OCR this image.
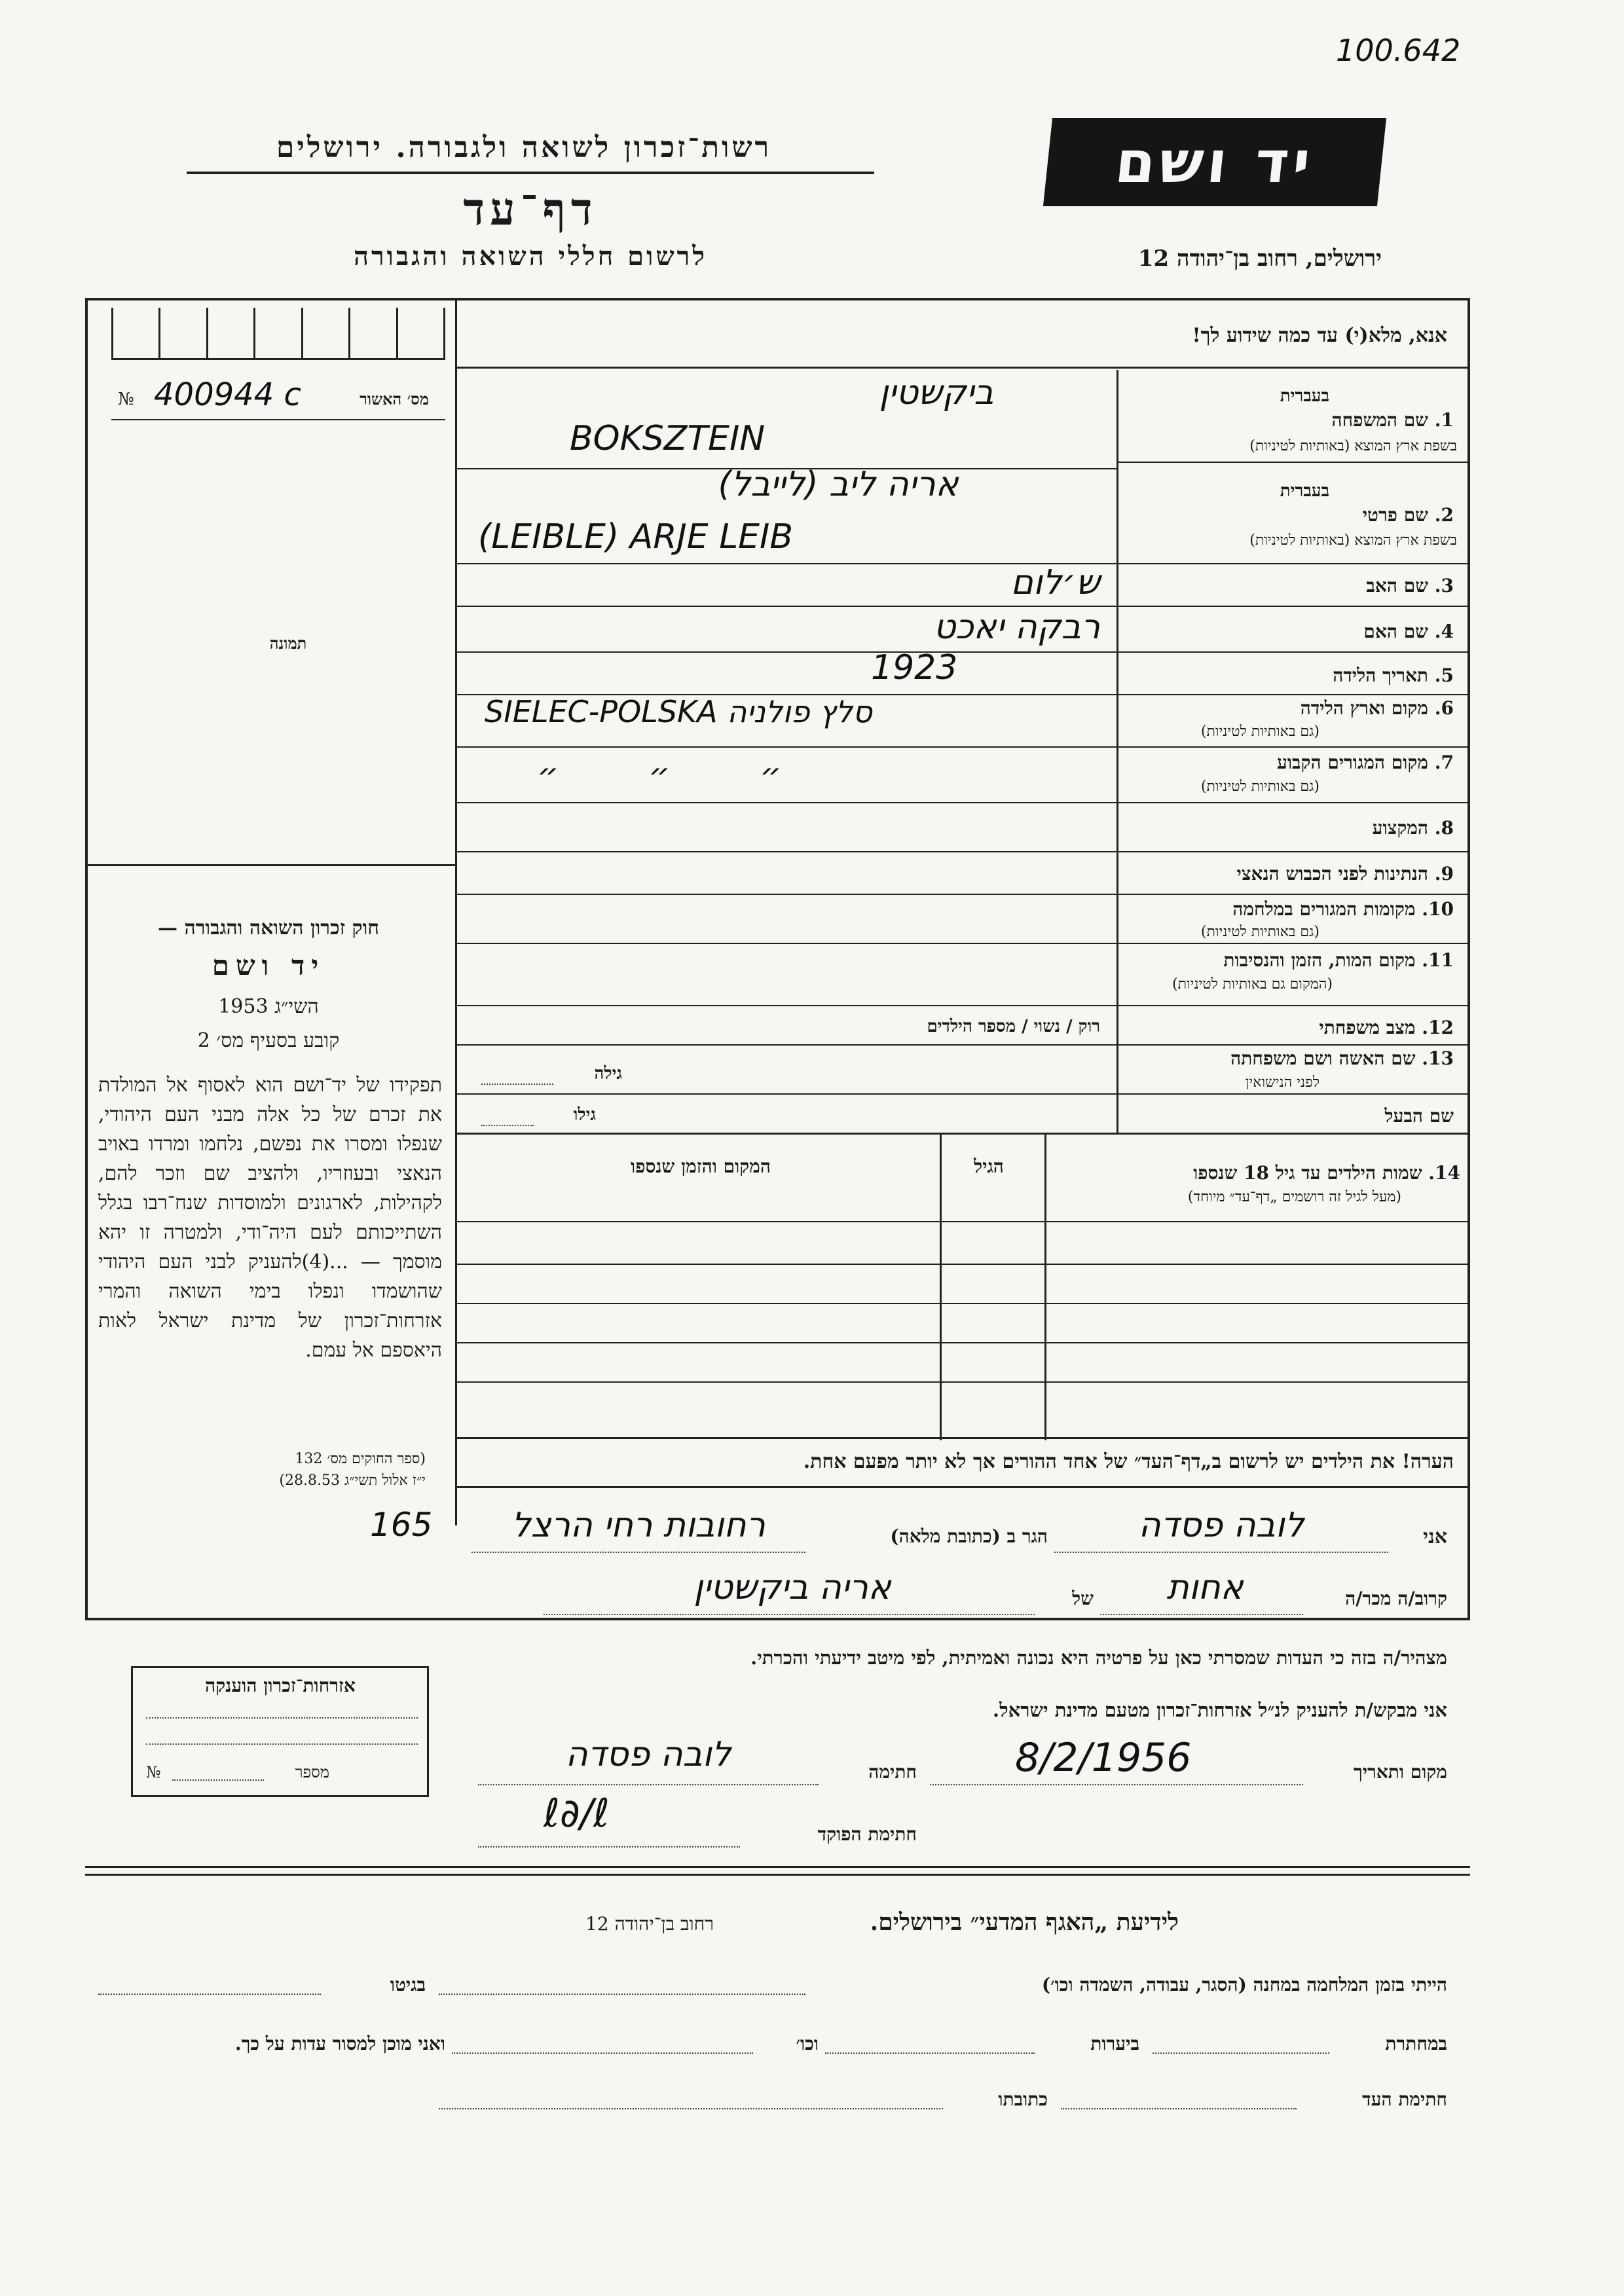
100.642
רשות־זכרון לשואה ולגבורה. ירושלים
דף־עד
לרשום חללי השואה והגבורה
יד ושם
ירושלים, רחוב בן־יהודה 12
אנא, מלא(י) עד כמה שידוע לך!
№ 400944 c	מס׳ האשור
תמונה
חוק זכרון השואה והגבורה —
יד ושם
השי״ג 1953
קובע בסעיף מס׳ 2
תפקידו של יד־ושם הוא לאסוף אל המולדת את זכרם של כל אלה מבני העם היהודי, שנפלו ומסרו את נפשם, נלחמו ומרדו באויב הנאצי ובעוזריו, ולהציב שם וזכר להם, לקהילות, לארגונים ולמוסדות שנח־רבו בגלל השתייכותם לעם היה־ודי, ולמטרה זו יהא מוסמך — ...(4)להעניק לבני העם היהודי שהושמדו ונפלו בימי השואה והמרי אזרחות־זכרון של מדינת ישראל לאות היאספם אל עמם.
(ספר החוקים מס׳ 132
י״ז אלול תשי״ג 28.8.53)
בעברית
1. שם המשפחה
בשפת ארץ המוצא (באותיות לטיניות)
ביקשטין
BOKSZTEIN
בעברית
2. שם פרטי
בשפת ארץ המוצא (באותיות לטיניות)
אריה ליב (לייבל)
(LEIBLE) ARJE LEIB
3. שם האב
ש׳לום
4. שם האם
רבקה יאכט
5. תאריך הלידה
1923
6. מקום וארץ הלידה
(גם באותיות לטיניות)
SIELEC-POLSKA סלץ פולניה
7. מקום המגורים הקבוע
(גם באותיות לטיניות)
״ ״ ״
8. המקצוע
9. הנתינות לפני הכבוש הנאצי
10. מקומות המגורים במלחמה
(גם באותיות לטיניות)
11. מקום המות, הזמן והנסיבות
(המקום גם באותיות לטיניות)
12. מצב משפחתי
רוק / נשוי / מספר הילדים
13. שם האשה ושם משפחתה
לפני הנישואין
גילה
שם הבעל
גילו
14. שמות הילדים עד גיל 18 שנספו
(מעל לגיל זה רושמים „דף־עד״ מיוחד)
הגיל
המקום והזמן שנספו
הערה! את הילדים יש לרשום ב„דף־העד״ של אחד ההורים אך לא יותר מפעם אחת.
אני
לובה פסדה
הגר ב (כתובת מלאה)
רחובות רחי הרצל
165
קרוב/ה מכר/ה
אחות
של
אריה ביקשטין
מצהיר/ה בזה כי העדות שמסרתי כאן על פרטיה היא נכונה ואמיתית, לפי מיטב ידיעתי והכרתי.
אני מבקש/ת להעניק לנ״ל אזרחות־זכרון מטעם מדינת ישראל.
מקום ותאריך
8/2/1956
חתימה
לובה פסדה
חתימת הפוקד
ℓ∂/ℓ
אזרחות־זכרון הוענקה
№	מספר
לידיעת „האגף המדעי״ בירושלים.
רחוב בן־יהודה 12
הייתי בזמן המלחמה במחנה (הסגר, עבודה, השמדה וכו׳)
בגיטו
במחתרת
ביערות
וכו׳
ואני מוכן למסור עדות על כך.
חתימת העד
כתובתו
